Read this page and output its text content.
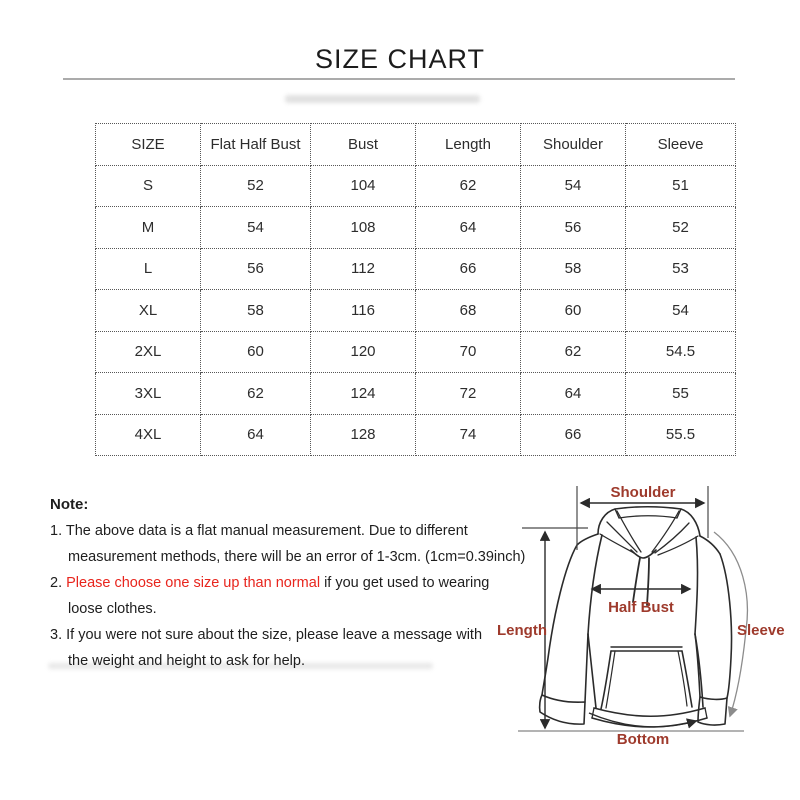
SIZE CHART
SIZE	Flat Half Bust	Bust	Length	Shoulder	Sleeve
S	52	104	62	54	51
M	54	108	64	56	52
L	56	112	66	58	53
XL	58	116	68	60	54
2XL	60	120	70	62	54.5
3XL	62	124	72	64	55
4XL	64	128	74	66	55.5
Note:
1. The above data is a flat manual measurement. Due to different
measurement methods, there will be an error of 1-3cm. (1cm=0.39inch)
2. Please choose one size up than normal if you get used to wearing
loose clothes.
3. If you were not sure about the size, please leave a message with
the weight and height to ask for help.
Shoulder
Length
Half Bust
Sleeve
Bottom
